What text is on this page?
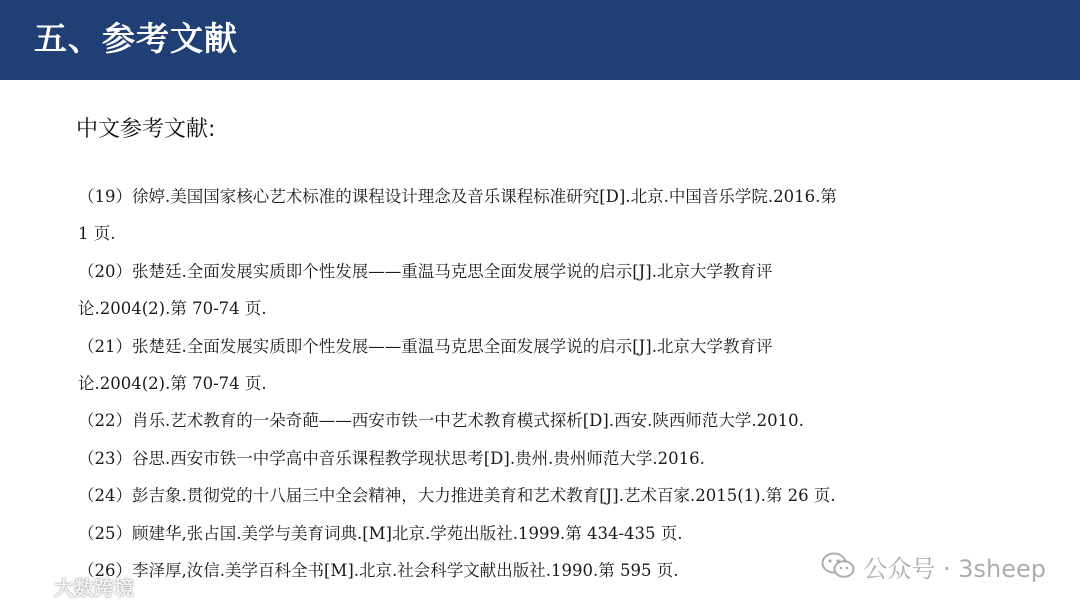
五、参考文献
中文参考文献:
（19）徐婷.美国国家核心艺术标准的课程设计理念及音乐课程标准研究[D].北京.中国音乐学院.2016.第
1 页.
（20）张楚廷.全面发展实质即个性发展——重温马克思全面发展学说的启示[J].北京大学教育评
论.2004(2).第 70-74 页.
（21）张楚廷.全面发展实质即个性发展——重温马克思全面发展学说的启示[J].北京大学教育评
论.2004(2).第 70-74 页.
（22）肖乐.艺术教育的一朵奇葩——西安市铁一中艺术教育模式探析[D].西安.陕西师范大学.2010.
（23）谷思.西安市铁一中学高中音乐课程教学现状思考[D].贵州.贵州师范大学.2016.
（24）彭吉象.贯彻党的十八届三中全会精神，大力推进美育和艺术教育[J].艺术百家.2015(1).第 26 页.
（25）顾建华,张占国.美学与美育词典.[M]北京.学苑出版社.1999.第 434-435 页.
（26）李泽厚,汝信.美学百科全书[M].北京.社会科学文献出版社.1990.第 595 页.	公众号 · 3sheep
大数跨境
